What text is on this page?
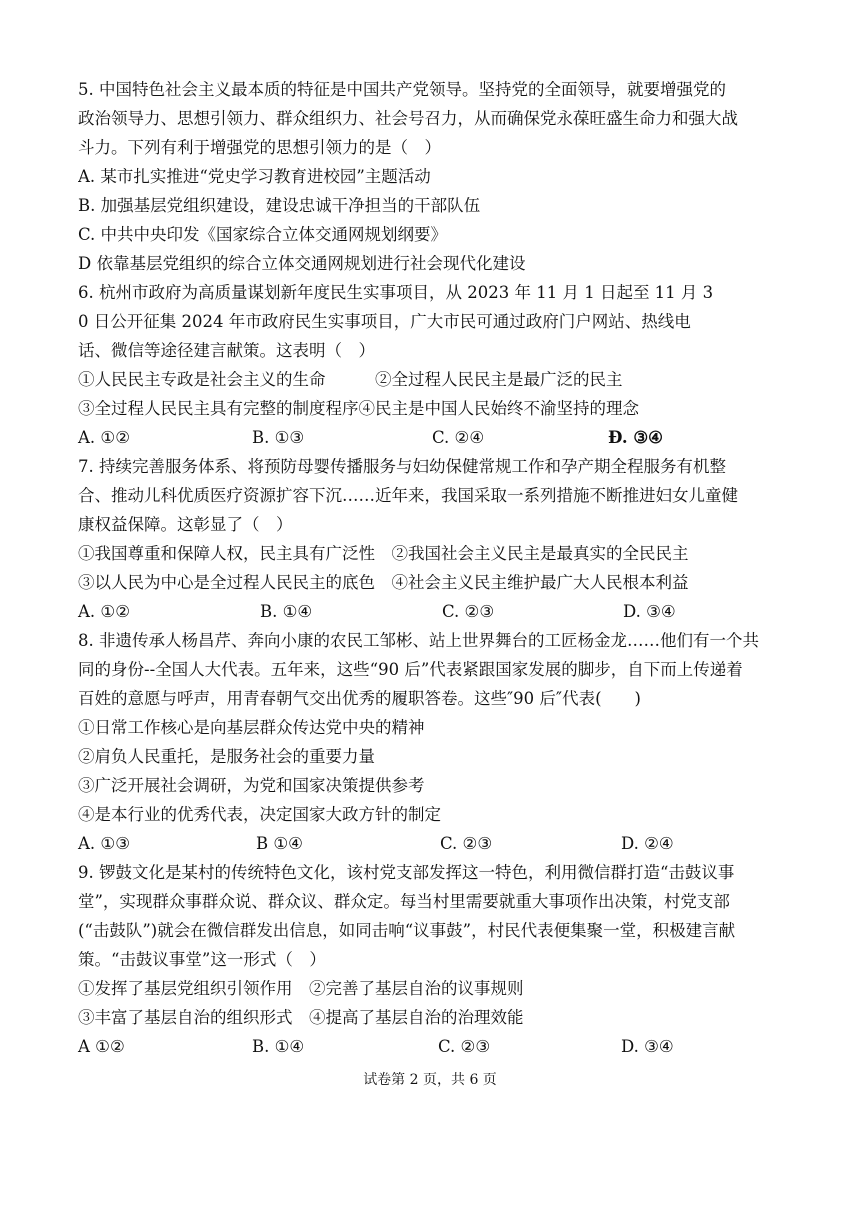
5. 中国特色社会主义最本质的特征是中国共产党领导。坚持党的全面领导，就要增强党的
政治领导力、思想引领力、群众组织力、社会号召力，从而确保党永葆旺盛生命力和强大战
斗力。下列有利于增强党的思想引领力的是（　）
A. 某市扎实推进“党史学习教育进校园”主题活动
B. 加强基层党组织建设，建设忠诚干净担当的干部队伍
C. 中共中央印发《国家综合立体交通网规划纲要》
D 依靠基层党组织的综合立体交通网规划进行社会现代化建设
6. 杭州市政府为高质量谋划新年度民生实事项目，从 2023 年 11 月 1 日起至 11 月 3
0 日公开征集 2024 年市政府民生实事项目，广大市民可通过政府门户网站、热线电
话、微信等途径建言献策。这表明（　）
①人民民主专政是社会主义的生命　　　②全过程人民民主是最广泛的民主
③全过程人民民主具有完整的制度程序④民主是中国人民始终不渝坚持的理念
A. ①②	B. ①③	C. ②④	Đ. ③④
7. 持续完善服务体系、将预防母婴传播服务与妇幼保健常规工作和孕产期全程服务有机整
合、推动儿科优质医疗资源扩容下沉……近年来，我国采取一系列措施不断推进妇女儿童健
康权益保障。这彰显了（　）
①我国尊重和保障人权，民主具有广泛性　②我国社会主义民主是最真实的全民民主
③以人民为中心是全过程人民民主的底色　④社会主义民主维护最广大人民根本利益
A. ①②	B. ①④	C. ②③	D. ③④
8. 非遗传承人杨昌芹、奔向小康的农民工邹彬、站上世界舞台的工匠杨金龙……他们有一个共
同的身份--全国人大代表。五年来，这些“90 后”代表紧跟国家发展的脚步，自下而上传递着
百姓的意愿与呼声，用青春朝气交出优秀的履职答卷。这些″90 后″代表(　　)
①日常工作核心是向基层群众传达党中央的精神
②肩负人民重托，是服务社会的重要力量
③广泛开展社会调研，为党和国家决策提供参考
④是本行业的优秀代表，决定国家大政方针的制定
A. ①③	B ①④	C. ②③	D. ②④
9. 锣鼓文化是某村的传统特色文化，该村党支部发挥这一特色，利用微信群打造“击鼓议事
堂”，实现群众事群众说、群众议、群众定。每当村里需要就重大事项作出决策，村党支部
(“击鼓队”)就会在微信群发出信息，如同击响“议事鼓”，村民代表便集聚一堂，积极建言献
策。“击鼓议事堂”这一形式（　）
①发挥了基层党组织引领作用　②完善了基层自治的议事规则
③丰富了基层自治的组织形式　④提高了基层自治的治理效能
A ①②	B. ①④	C. ②③	D. ③④
试卷第 2 页，共 6 页
